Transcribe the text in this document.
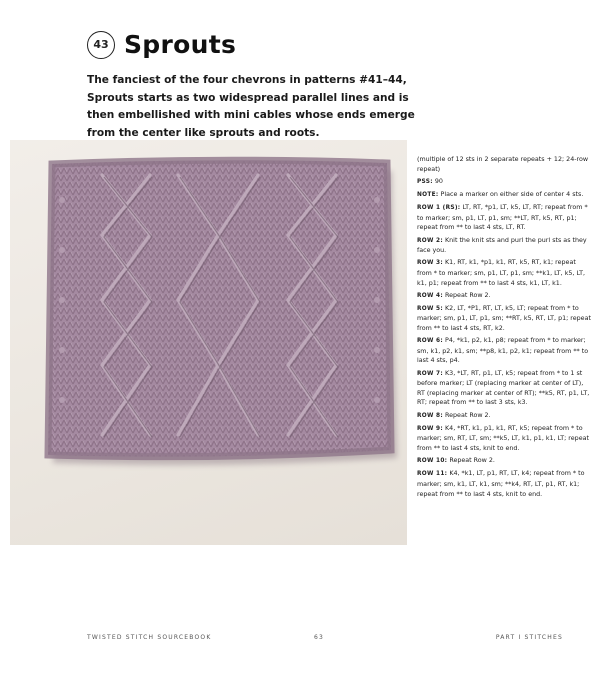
43 Sprouts

The fanciest of the four chevrons in patterns #41–44, Sprouts starts as two widespread parallel lines and is then embellished with mini cables whose ends emerge from the center like sprouts and roots.

(multiple of 12 sts in 2 separate repeats + 12; 24-row repeat)

PSS: 90

NOTE: Place a marker on either side of center 4 sts.

ROW 1 (RS): LT, RT, *p1, LT, k5, LT, RT; repeat from * to marker; sm, p1, LT, p1, sm; **LT, RT, k5, RT, p1; repeat from ** to last 4 sts, LT, RT.

ROW 2: Knit the knit sts and purl the purl sts as they face you.

ROW 3: K1, RT, k1, *p1, k1, RT, k5, RT, k1; repeat from * to marker; sm, p1, LT, p1, sm; **k1, LT, k5, LT, k1, p1; repeat from ** to last 4 sts, k1, LT, k1.

ROW 4: Repeat Row 2.

ROW 5: K2, LT, *P1, RT, LT, k5, LT; repeat from * to marker; sm, p1, LT, p1, sm; **RT, k5, RT, LT, p1; repeat from ** to last 4 sts, RT, k2.

ROW 6: P4, *k1, p2, k1, p8; repeat from * to marker; sm, k1, p2, k1, sm; **p8, k1, p2, k1; repeat from ** to last 4 sts, p4.

ROW 7: K3, *LT, RT, p1, LT, k5; repeat from * to 1 st before marker; LT (replacing marker at center of LT), RT (replacing marker at center of RT); **k5, RT, p1, LT, RT; repeat from ** to last 3 sts, k3.

ROW 8: Repeat Row 2.

ROW 9: K4, *RT, k1, p1, k1, RT, k5; repeat from * to marker; sm, RT, LT, sm; **k5, LT, k1, p1, k1, LT; repeat from ** to last 4 sts, knit to end.

ROW 10: Repeat Row 2.

ROW 11: K4, *k1, LT, p1, RT, LT, k4; repeat from * to marker; sm, k1, LT, k1, sm; **k4, RT, LT, p1, RT, k1; repeat from ** to last 4 sts, knit to end.

TWISTED STITCH SOURCEBOOK	63	PART I STITCHES
